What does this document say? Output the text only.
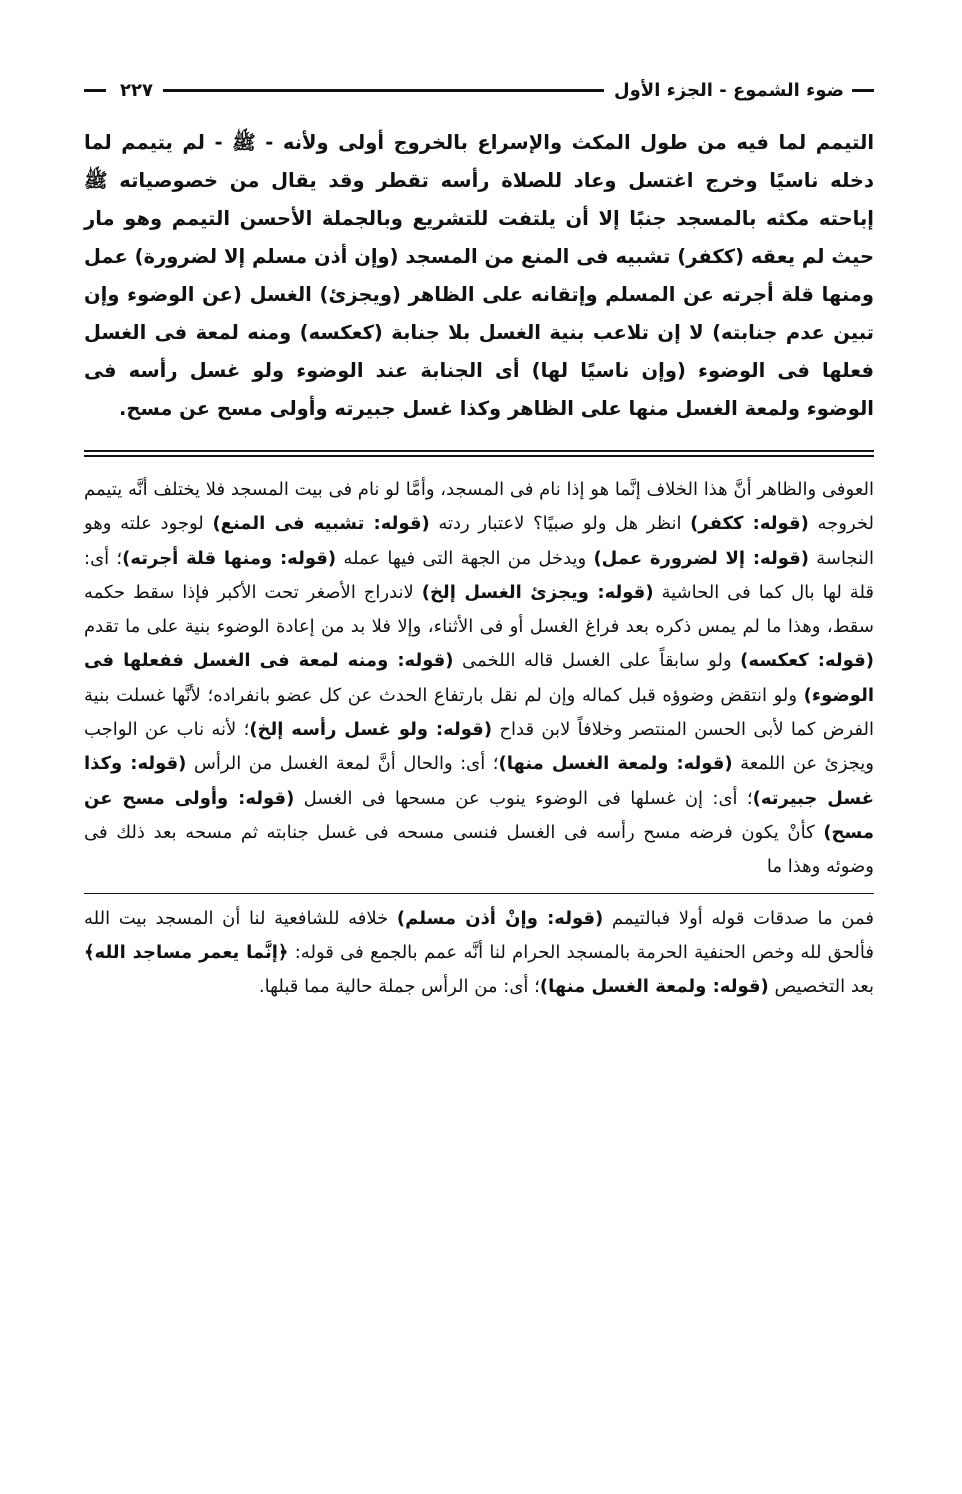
ضوء الشموع - الجزء الأول
٢٢٧

التيمم لما فيه من طول المكث والإسراع بالخروج أولى ولأنه - ﷺ - لم يتيمم لما دخله ناسيًا وخرج اغتسل وعاد للصلاة رأسه تقطر وقد يقال من خصوصياته ﷺ إباحته مكثه بالمسجد جنبًا إلا أن يلتفت للتشريع وبالجملة الأحسن التيمم وهو مار حيث لم يعقه (ككفر) تشبيه فى المنع من المسجد (وإن أذن مسلم إلا لضرورة) عمل ومنها قلة أجرته عن المسلم وإتقانه على الظاهر (ويجزئ) الغسل (عن الوضوء وإن تبين عدم جنابته) لا إن تلاعب بنية الغسل بلا جنابة (كعكسه) ومنه لمعة فى الغسل فعلها فى الوضوء (وإن ناسيًا لها) أى الجنابة عند الوضوء ولو غسل رأسه فى الوضوء ولمعة الغسل منها على الظاهر وكذا غسل جبيرته وأولى مسح عن مسح.

العوفى والظاهر أنَّ هذا الخلاف إنَّما هو إذا نام فى المسجد، وأمَّا لو نام فى بيت المسجد فلا يختلف أنَّه يتيمم لخروجه (قوله: ككفر) انظر هل ولو صبيًا؟ لاعتبار ردته (قوله: تشبيه فى المنع) لوجود علته وهو النجاسة (قوله: إلا لضرورة عمل) ويدخل من الجهة التى فيها عمله (قوله: ومنها قلة أجرته)؛ أى: قلة لها بال كما فى الحاشية (قوله: ويجزئ الغسل إلخ) لاندراج الأصغر تحت الأكبر فإذا سقط حكمه سقط، وهذا ما لم يمس ذكره بعد فراغ الغسل أو فى الأثناء، وإلا فلا بد من إعادة الوضوء بنية على ما تقدم (قوله: كعكسه) ولو سابقاً على الغسل قاله اللخمى (قوله: ومنه لمعة فى الغسل ففعلها فى الوضوء) ولو انتقض وضوؤه قبل كماله وإن لم نقل بارتفاع الحدث عن كل عضو بانفراده؛ لأنَّها غسلت بنية الفرض كما لأبى الحسن المنتصر وخلافاً لابن قداح (قوله: ولو غسل رأسه إلخ)؛ لأنه ناب عن الواجب ويجزئ عن اللمعة (قوله: ولمعة الغسل منها)؛ أى: والحال أنَّ لمعة الغسل من الرأس (قوله: وكذا غسل جبيرته)؛ أى: إن غسلها فى الوضوء ينوب عن مسحها فى الغسل (قوله: وأولى مسح عن مسح) كأنْ يكون فرضه مسح رأسه فى الغسل فنسى مسحه فى غسل جنابته ثم مسحه بعد ذلك فى وضوئه وهذا ما

فمن ما صدقات قوله أولا فبالتيمم (قوله: وإنْ أذن مسلم) خلافه للشافعية لنا أن المسجد بيت الله فألحق لله وخص الحنفية الحرمة بالمسجد الحرام لنا أنَّه عمم بالجمع فى قوله: ﴿إنَّما يعمر مساجد الله﴾ بعد التخصيص (قوله: ولمعة الغسل منها)؛ أى: من الرأس جملة حالية مما قبلها.
